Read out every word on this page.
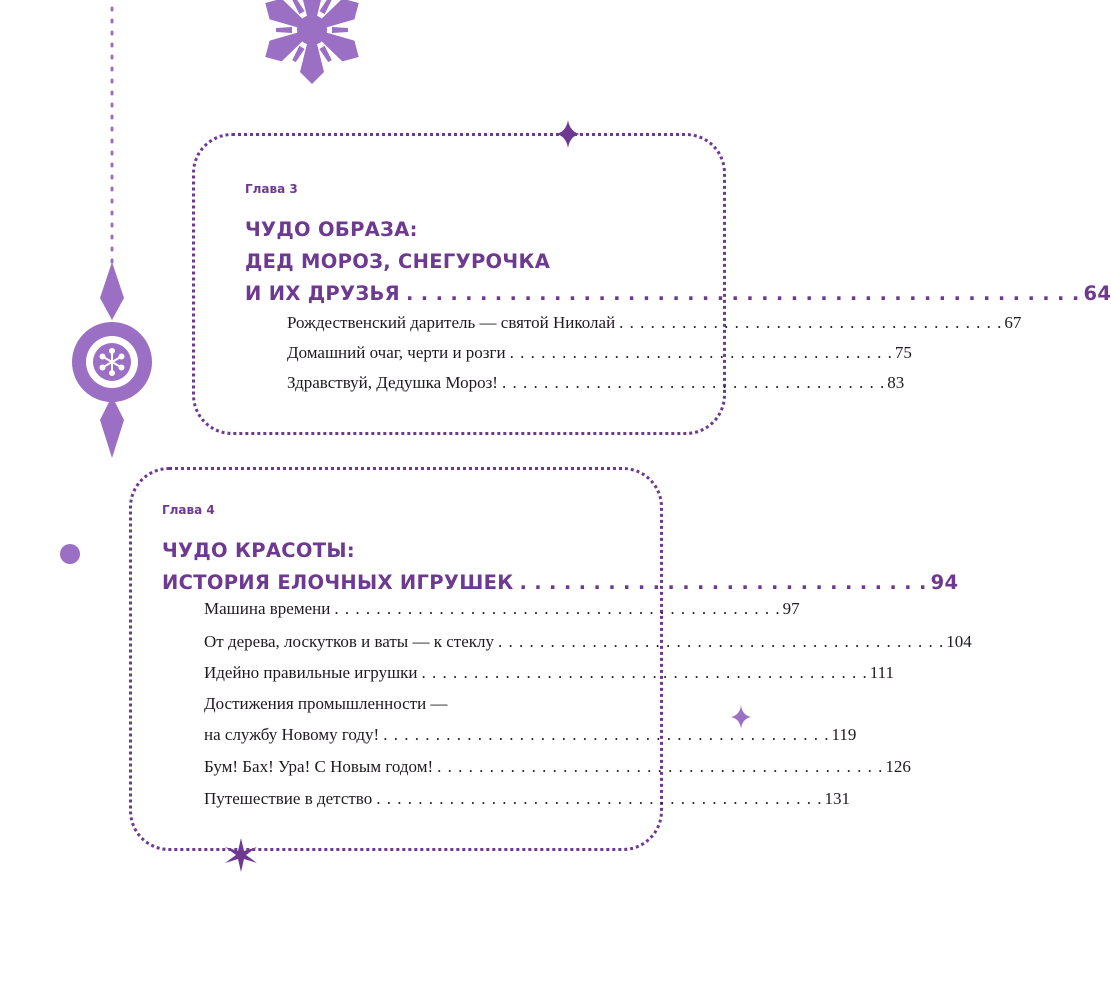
Глава 3
ЧУДО ОБРАЗА:
ДЕД МОРОЗ, СНЕГУРОЧКА
И ИХ ДРУЗЬЯ . . . . . . . . . . . . . . . . . . . . . . . . . . . . . . . . . . . . . . . . . . . . . . 64
Рождественский даритель — святой Николай . . . . . . . . . . . . . . . . . . . . . . . . . . . . . . . . . . . . . 67
Домашний очаг, черти и розги . . . . . . . . . . . . . . . . . . . . . . . . . . . . . . . . . . . . . 75
Здравствуй, Дедушка Мороз! . . . . . . . . . . . . . . . . . . . . . . . . . . . . . . . . . . . . . 83
Глава 4
ЧУДО КРАСОТЫ:
ИСТОРИЯ ЕЛОЧНЫХ ИГРУШЕК . . . . . . . . . . . . . . . . . . . . . . . . . . . . 94
Машина времени . . . . . . . . . . . . . . . . . . . . . . . . . . . . . . . . . . . . . . . . . . . 97
От дерева, лоскутков и ваты — к стеклу . . . . . . . . . . . . . . . . . . . . . . . . . . . . . . . . . . . . . . . . . . . 104
Идейно правильные игрушки . . . . . . . . . . . . . . . . . . . . . . . . . . . . . . . . . . . . . . . . . . . 111
Достижения промышленности —
на службу Новому году! . . . . . . . . . . . . . . . . . . . . . . . . . . . . . . . . . . . . . . . . . . . 119
Бум! Бах! Ура! С Новым годом! . . . . . . . . . . . . . . . . . . . . . . . . . . . . . . . . . . . . . . . . . . . 126
Путешествие в детство . . . . . . . . . . . . . . . . . . . . . . . . . . . . . . . . . . . . . . . . . . . 131
